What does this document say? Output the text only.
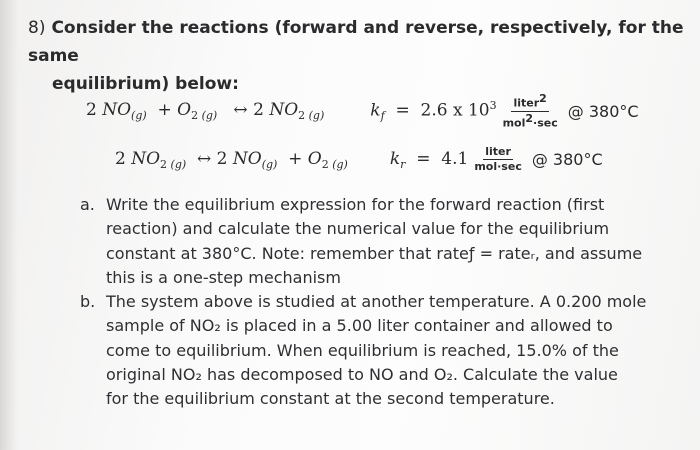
8) Consider the reactions (forward and reverse, respectively, for the same
equilibrium) below:
2 $NO_{(g)} + O_2$ $_{(g)}$ ↔ 2 $NO_2$ $_{(g)}$	$k_f = 2.6$ x $10^3 \frac{liter^2}{mol^2\cdot\sec}$ @ 380°C
2 $NO_2$ $_{(g)}$ ↔ 2 $NO_{(g)} + O_2$ $_{(g)}$ $k_r = 4.1 \frac{\text{liter}}{\text{mol·sec}}$ @ 380°C
a. Write the equilibrium expression for the forward reaction (first
reaction) and calculate the numerical value for the equilibrium
constant at 380°C. Note: remember that rateƒ = rateᵣ, and assume
this is a one-step mechanism
b. The system above is studied at another temperature. A 0.200 mole
sample of NO₂ is placed in a 5.00 liter container and allowed to
come to equilibrium. When equilibrium is reached, 15.0% of the
original NO₂ has decomposed to NO and O₂. Calculate the value
for the equilibrium constant at the second temperature.
